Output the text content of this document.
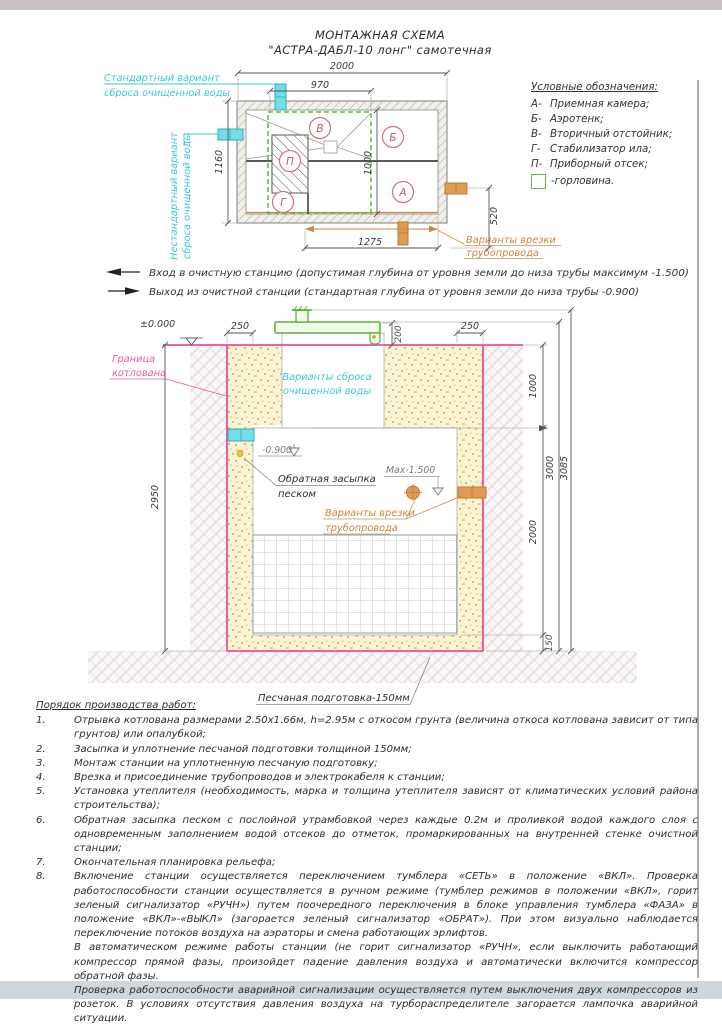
МОНТАЖНАЯ СХЕМА
"АСТРА-ДАБЛ-10 лонг" самотечная
Условные обозначения:
А- Приемная камера;
Б- Аэротенк;
В- Вторичный отстойник;
Г- Стабилизатор ила;
П- Приборный отсек;
-горловина.
В
Б
П
Г
А
Стандартный вариант
сброса очищенной воды
Нестандартный вариант сброса очищенной воды
2000
970
1160	1000
520
1275	Варианты врезки
трубопровода
Вход в очистную станцию (допустимая глубина от уровня земли до низа трубы максимум -1.500)
Выход из очистной станции (стандартная глубина от уровня земли до низа трубы -0.900)
±0.000
Граница
котлована	Варианты сброса
очищенной воды
-0.900
Обратная засыпка
песком
Мах-1.500
Варианты врезки
трубопровода
250	250
200
2950
1000
2000
150
3000 3085
Песчаная подготовка-150мм
Порядок производства работ:
1.	Отрывка котлована размерами 2.50х1.66м, h=2.95м с откосом грунта (величина откоса котлована зависит от типа грунтов) или опалубкой;
2.	Засыпка и уплотнение песчаной подготовки толщиной 150мм;
3.	Монтаж станции на уплотненную песчаную подготовку;
4.	Врезка и присоединение трубопроводов и электрокабеля к станции;
5.	Установка утеплителя (необходимость, марка и толщина утеплителя зависят от климатических условий района строительства);
6.	Обратная засыпка песком с послойной утрамбовкой через каждые 0.2м и проливкой водой каждого слоя с одновременным заполнением водой отсеков до отметок, промаркированных на внутренней стенке очистной станции;
7.	Окончательная планировка рельефа;
8.	Включение станции осуществляется переключением тумблера «СЕТЬ» в положение «ВКЛ». Проверка работоспособности станции осуществляется в ручном режиме (тумблер режимов в положении «ВКЛ», горит зеленый сигнализатор «РУЧН») путем поочередного переключения в блоке управления тумблера «ФАЗА» в положение «ВКЛ»-«ВЫКЛ» (загорается зеленый сигнализатор «ОБРАТ»). При этом визуально наблюдается переключение потоков воздуха на аэраторы и смена работающих эрлифтов.
В автоматическом режиме работы станции (не горит сигнализатор «РУЧН», если выключить работающий компрессор прямой фазы, произойдет падение давления воздуха и автоматически включится компрессор обратной фазы.
Проверка работоспособности аварийной сигнализации осуществляется путем выключения двух компрессоров из розеток. В условиях отсутствия давления воздуха на турбораспределителе загорается лампочка аварийной ситуации.
